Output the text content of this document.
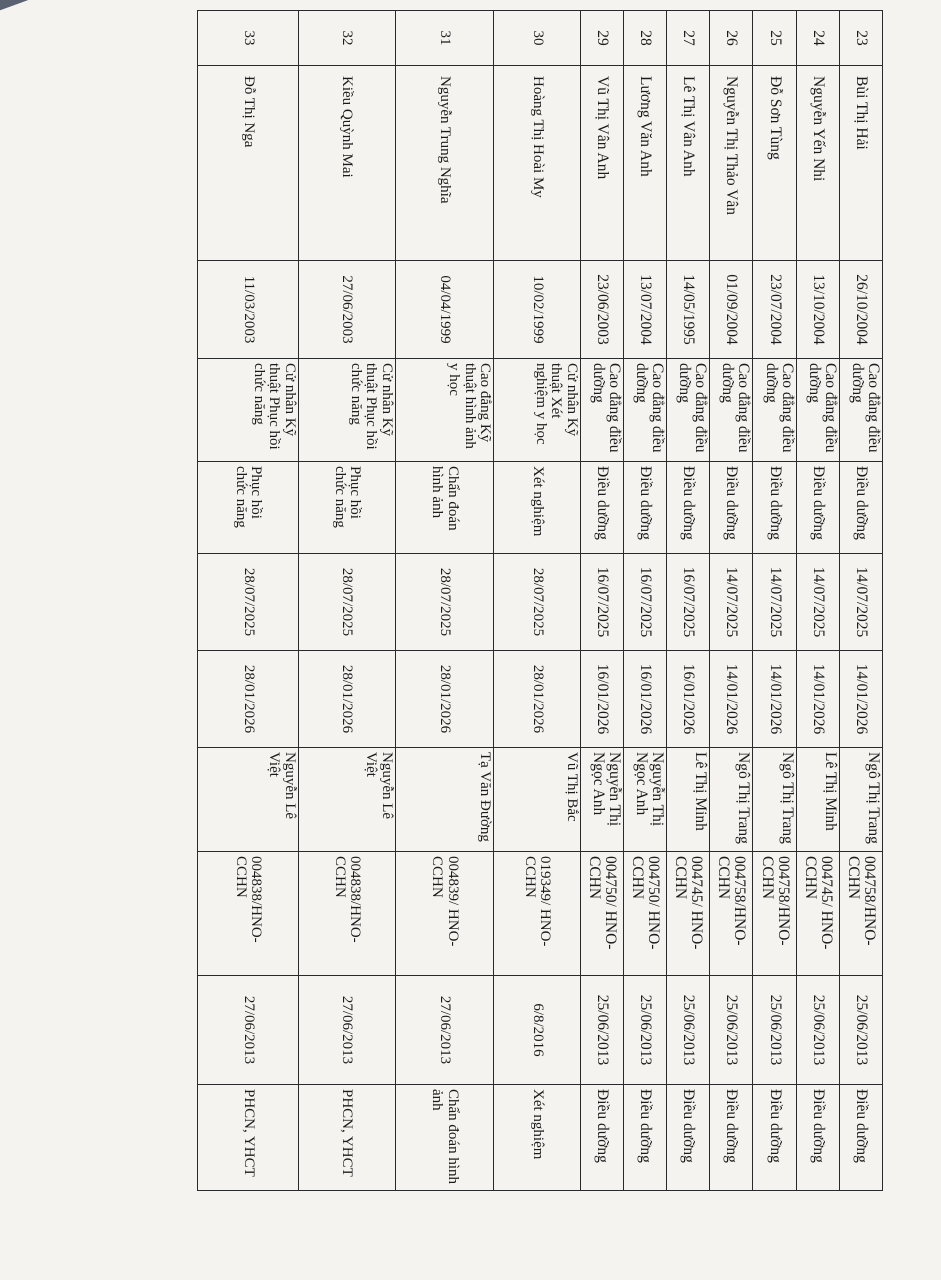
23	Bùi Thị Hải	26/10/2004	Cao đẳng điều dưỡng	Điều dưỡng	14/07/2025	14/01/2026	Ngô Thị Trang	004758/HNO-CCHN	25/06/2013	Điều dưỡng
24	Nguyễn Yến Nhi	13/10/2004	Cao đẳng điều dưỡng	Điều dưỡng	14/07/2025	14/01/2026	Lê Thị Minh	004745/ HNO-CCHN	25/06/2013	Điều dưỡng
25	Đỗ Sơn Tùng	23/07/2004	Cao đẳng điều dưỡng	Điều dưỡng	14/07/2025	14/01/2026	Ngô Thị Trang	004758/HNO-CCHN	25/06/2013	Điều dưỡng
26	Nguyễn Thị Thảo Vân	01/09/2004	Cao đẳng điều dưỡng	Điều dưỡng	14/07/2025	14/01/2026	Ngô Thị Trang	004758/HNO-CCHN	25/06/2013	Điều dưỡng
27	Lê Thị Vân Anh	14/05/1995	Cao đẳng điều dưỡng	Điều dưỡng	16/07/2025	16/01/2026	Lê Thị Minh	004745/ HNO-CCHN	25/06/2013	Điều dưỡng
28	Lương Văn Anh	13/07/2004	Cao đẳng điều dưỡng	Điều dưỡng	16/07/2025	16/01/2026	Nguyễn Thị Ngọc Anh	004750/ HNO-CCHN	25/06/2013	Điều dưỡng
29	Vũ Thị Vân Anh	23/06/2003	Cao đẳng điều dưỡng	Điều dưỡng	16/07/2025	16/01/2026	Nguyễn Thị Ngọc Anh	004750/ HNO-CCHN	25/06/2013	Điều dưỡng
30	Hoàng Thị Hoài My	10/02/1999	Cử nhân Kỹ thuật Xét nghiệm y học	Xét nghiệm	28/07/2025	28/01/2026	Vũ Thị Bắc	019349/ HNO-CCHN	6/8/2016	Xét nghiệm
31	Nguyễn Trung Nghĩa	04/04/1999	Cao đẳng Kỹ thuật hình ảnh y học	Chẩn đoán hình ảnh	28/07/2025	28/01/2026	Tạ Văn Đường	004839/ HNO-CCHN	27/06/2013	Chẩn đoán hình ảnh
32	Kiều Quỳnh Mai	27/06/2003	Cử nhân Kỹ thuật Phục hồi chức năng	Phục hồi chức năng	28/07/2025	28/01/2026	Nguyễn Lê Việt	004838/HNO-CCHN	27/06/2013	PHCN, YHCT
33	Đỗ Thị Nga	11/03/2003	Cử nhân Kỹ thuật Phục hồi chức năng	Phục hồi chức năng	28/07/2025	28/01/2026	Nguyễn Lê Việt	004838/HNO-CCHN	27/06/2013	PHCN, YHCT
